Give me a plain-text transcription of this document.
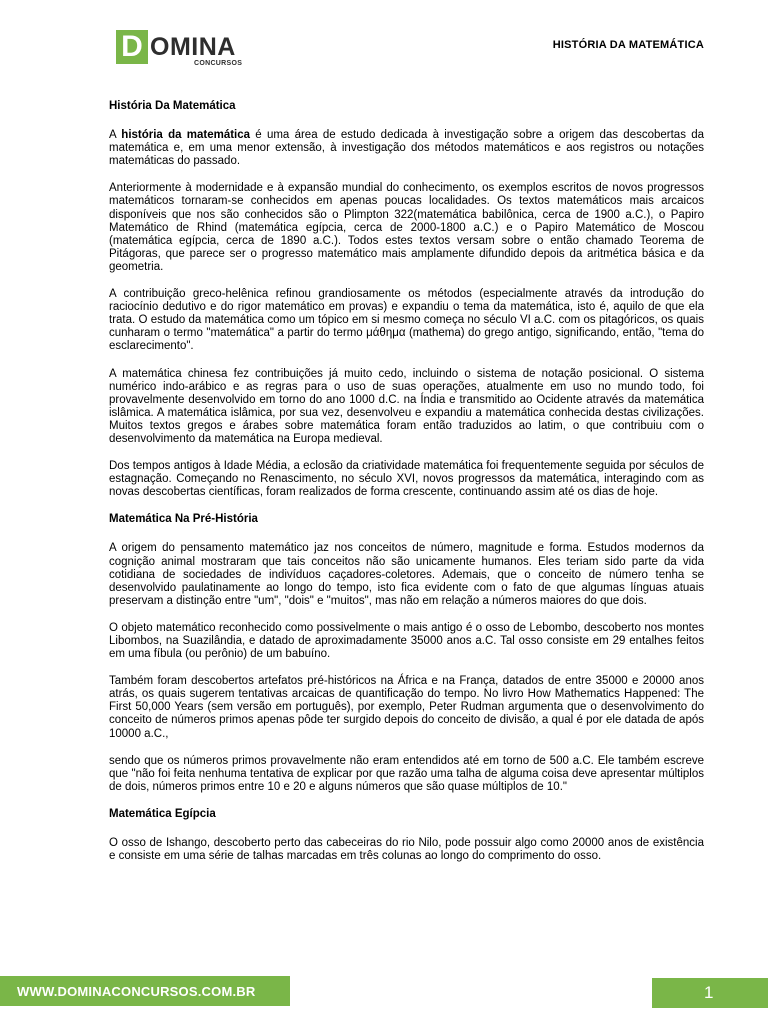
D OMINA
CONCURSOS
HISTÓRIA DA MATEMÁTICA
História Da Matemática

A história da matemática é uma área de estudo dedicada à investigação sobre a origem das descobertas da matemática e, em uma menor extensão, à investigação dos métodos matemáticos e aos registros ou notações matemáticas do passado.

Anteriormente à modernidade e à expansão mundial do conhecimento, os exemplos escritos de novos progressos matemáticos tornaram-se conhecidos em apenas poucas localidades. Os textos matemáticos mais arcaicos disponíveis que nos são conhecidos são o Plimpton 322(matemática babilônica, cerca de 1900 a.C.), o Papiro Matemático de Rhind (matemática egípcia, cerca de 2000-1800 a.C.) e o Papiro Matemático de Moscou (matemática egípcia, cerca de 1890 a.C.). Todos estes textos versam sobre o então chamado Teorema de Pitágoras, que parece ser o progresso matemático mais amplamente difundido depois da aritmética básica e da geometria.

A contribuição greco-helênica refinou grandiosamente os métodos (especialmente através da introdução do raciocínio dedutivo e do rigor matemático em provas) e expandiu o tema da matemática, isto é, aquilo de que ela trata. O estudo da matemática como um tópico em si mesmo começa no século VI a.C. com os pitagóricos, os quais cunharam o termo "matemática" a partir do termo μάθημα (mathema) do grego antigo, significando, então, "tema do esclarecimento".

A matemática chinesa fez contribuições já muito cedo, incluindo o sistema de notação posicional. O sistema numérico indo-arábico e as regras para o uso de suas operações, atualmente em uso no mundo todo, foi provavelmente desenvolvido em torno do ano 1000 d.C. na Índia e transmitido ao Ocidente através da matemática islâmica. A matemática islâmica, por sua vez, desenvolveu e expandiu a matemática conhecida destas civilizações. Muitos textos gregos e árabes sobre matemática foram então traduzidos ao latim, o que contribuiu com o desenvolvimento da matemática na Europa medieval.

Dos tempos antigos à Idade Média, a eclosão da criatividade matemática foi frequentemente seguida por séculos de estagnação. Começando no Renascimento, no século XVI, novos progressos da matemática, interagindo com as novas descobertas científicas, foram realizados de forma crescente, continuando assim até os dias de hoje.

Matemática Na Pré-História

A origem do pensamento matemático jaz nos conceitos de número, magnitude e forma. Estudos modernos da cognição animal mostraram que tais conceitos não são unicamente humanos. Eles teriam sido parte da vida cotidiana de sociedades de indivíduos caçadores-coletores. Ademais, que o conceito de número tenha se desenvolvido paulatinamente ao longo do tempo, isto fica evidente com o fato de que algumas línguas atuais preservam a distinção entre "um", "dois" e "muitos", mas não em relação a números maiores do que dois.

O objeto matemático reconhecido como possivelmente o mais antigo é o osso de Lebombo, descoberto nos montes Libombos, na Suazilândia, e datado de aproximadamente 35000 anos a.C. Tal osso consiste em 29 entalhes feitos em uma fíbula (ou perônio) de um babuíno.

Também foram descobertos artefatos pré-históricos na África e na França, datados de entre 35000 e 20000 anos atrás, os quais sugerem tentativas arcaicas de quantificação do tempo. No livro How Mathematics Happened: The First 50,000 Years (sem versão em português), por exemplo, Peter Rudman argumenta que o desenvolvimento do conceito de números primos apenas pôde ter surgido depois do conceito de divisão, a qual é por ele datada de após 10000 a.C.,

sendo que os números primos provavelmente não eram entendidos até em torno de 500 a.C. Ele também escreve que "não foi feita nenhuma tentativa de explicar por que razão uma talha de alguma coisa deve apresentar múltiplos de dois, números primos entre 10 e 20 e alguns números que são quase múltiplos de 10."

Matemática Egípcia

O osso de Ishango, descoberto perto das cabeceiras do rio Nilo, pode possuir algo como 20000 anos de existência e consiste em uma série de talhas marcadas em três colunas ao longo do comprimento do osso.

WWW.DOMINACONCURSOS.COM.BR	1
